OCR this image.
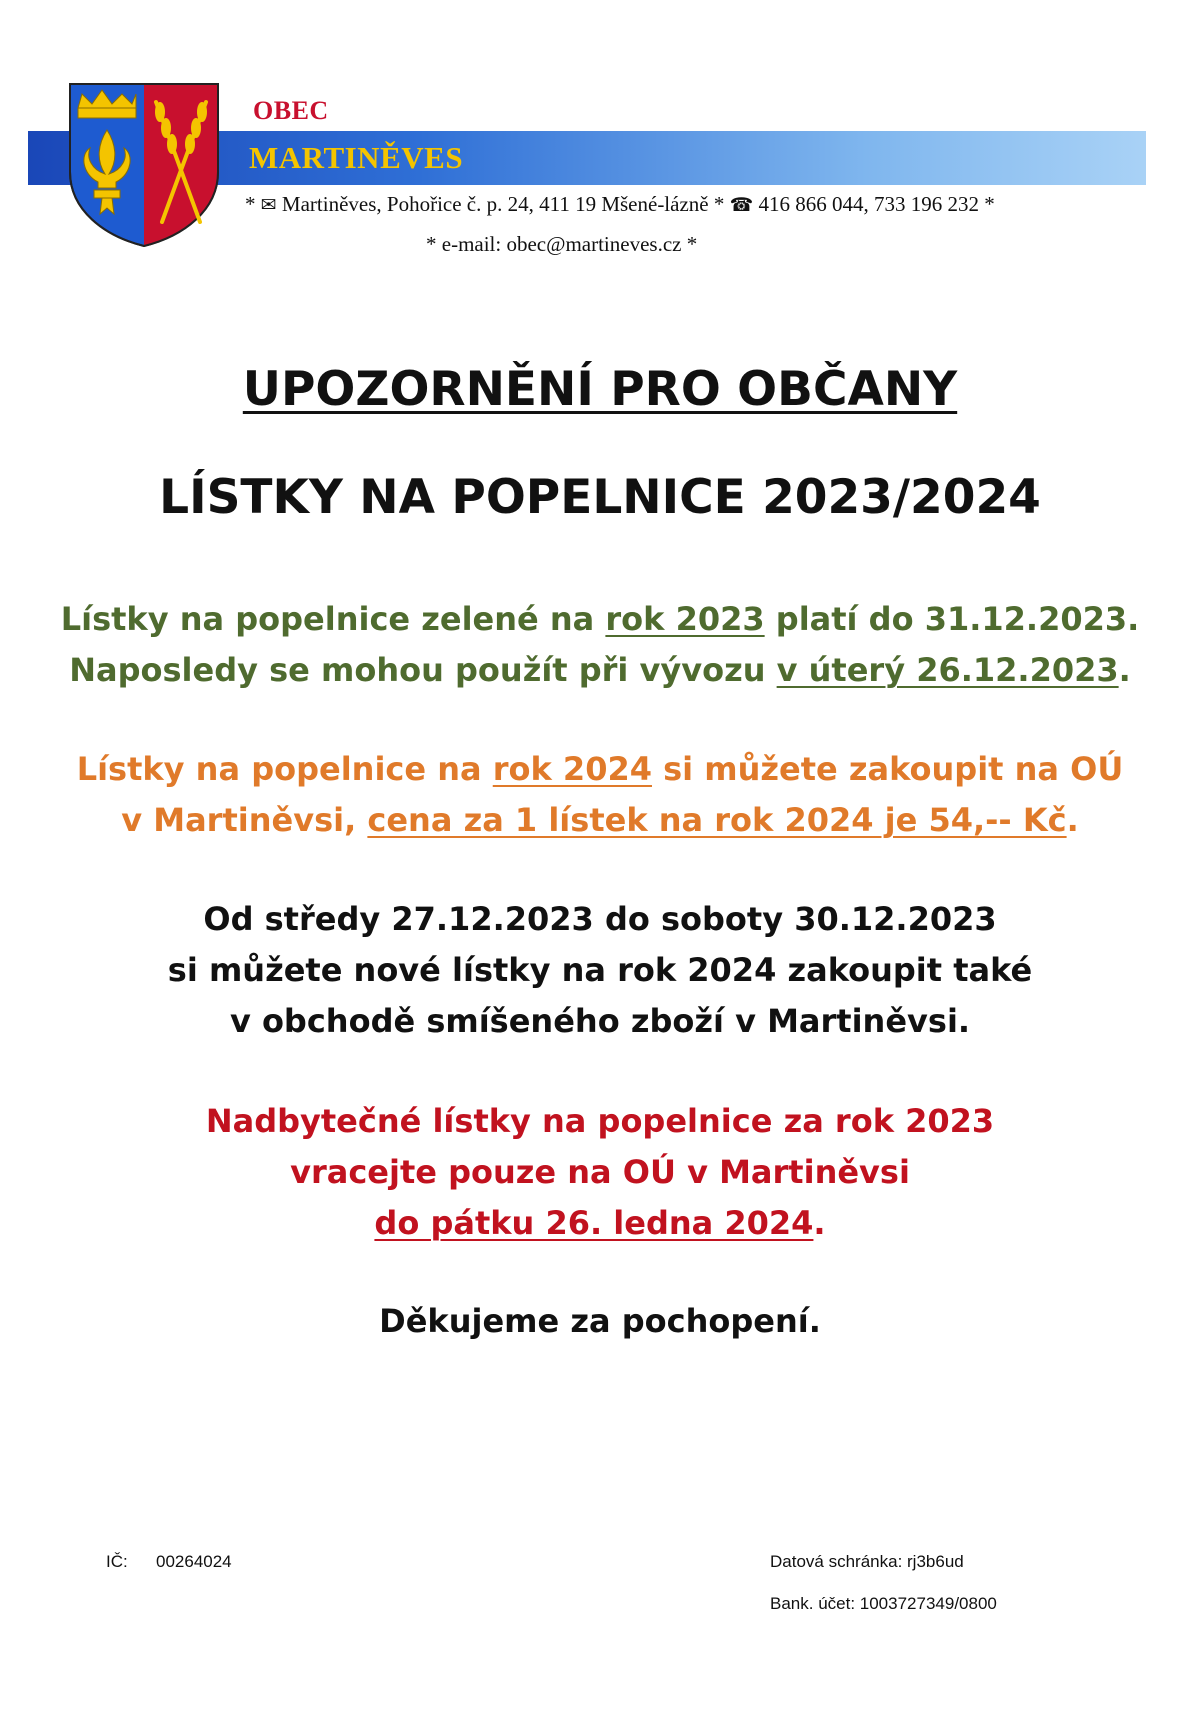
OBEC
MARTINĚVES
* ✉ Martiněves, Pohořice č. p. 24, 411 19 Mšené-lázně * ☎ 416 866 044, 733 196 232 *
* e-mail: obec@martineves.cz *
UPOZORNĚNÍ PRO OBČANY
LÍSTKY NA POPELNICE 2023/2024
Lístky na popelnice zelené na rok 2023 platí do 31.12.2023.
Naposledy se mohou použít při vývozu v úterý 26.12.2023.
Lístky na popelnice na rok 2024 si můžete zakoupit na OÚ
v Martiněvsi, cena za 1 lístek na rok 2024 je 54,-- Kč.
Od středy 27.12.2023 do soboty 30.12.2023
si můžete nové lístky na rok 2024 zakoupit také
v obchodě smíšeného zboží v Martiněvsi.
Nadbytečné lístky na popelnice za rok 2023
vracejte pouze na OÚ v Martiněvsi
do pátku 26. ledna 2024.
Děkujeme za pochopení.
IČ: 00264024	Datová schránka: rj3b6ud
Bank. účet: 1003727349/0800
